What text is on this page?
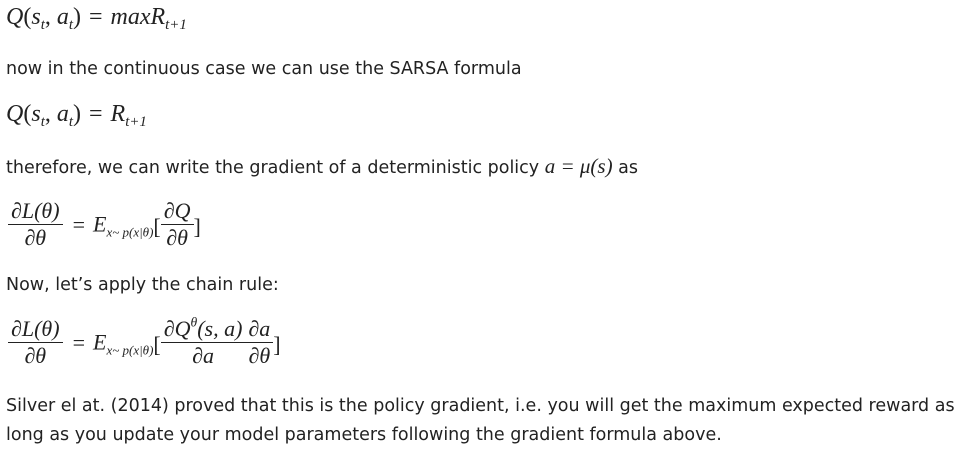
$Q(s_t$, $a_t) = \max R_{t+1}$
now in the continuous case we can use the SARSA formula
$Q(s_t$, $a_t) = R_{t+1}$
therefore, we can write the gradient of a deterministic policy a = μ(s) as
$\frac{\partial L(\theta)}{\partial\theta} = E_{x\sim p(x|\theta)}[ \frac{\partial Q}{\partial\theta}$ ]
Now, let’s apply the chain rule:
$\frac{\partial L(\theta)}{\partial\theta} = E_{x\sim p(x|\theta)}[ \frac{\partial Q^\theta(s, a)}{\partial a} \frac{\partial a}{\partial\theta}$ ]
Silver el at. (2014) proved that this is the policy gradient, i.e. you will get the maximum expected reward as
long as you update your model parameters following the gradient formula above.
